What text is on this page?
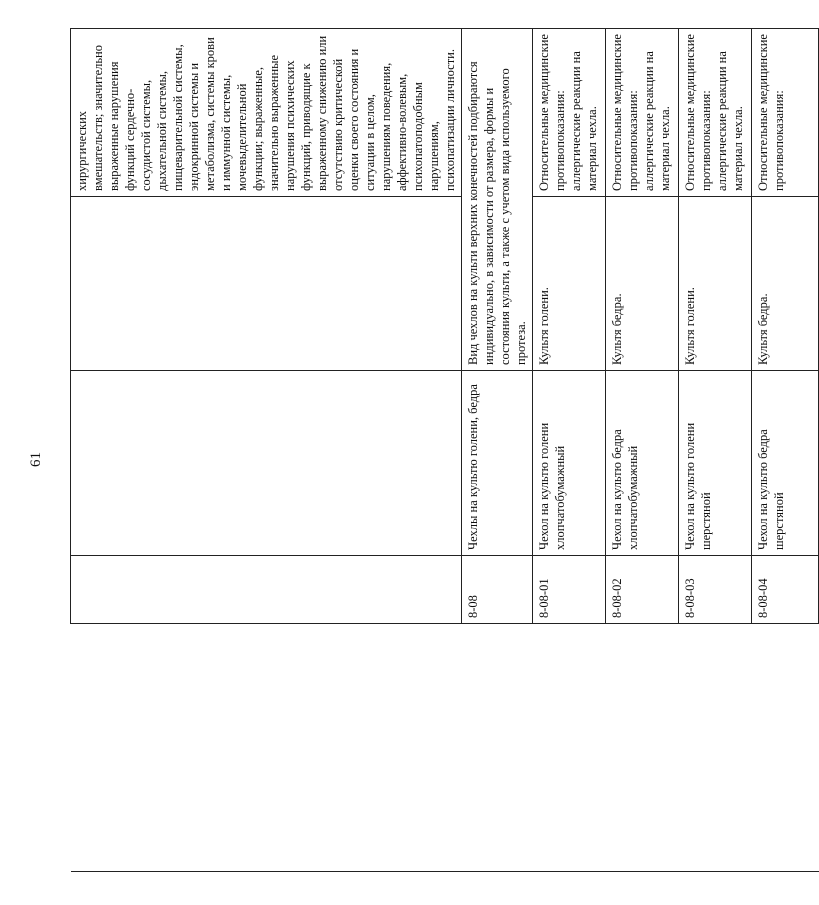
61
				хирургических вмешательств; значительно выраженные нарушения функций сердечно-сосудистой системы, дыхательной системы, пищеварительной системы, эндокринной системы и метаболизма, системы крови и иммунной системы, мочевыделительной функции; выраженные, значительно выраженные нарушения психических функций, приводящие к выраженному снижению или отсутствию критической оценки своего состояния и ситуации в целом, нарушениям поведения, аффективно-волевым, психопатоподобным нарушениям, психопатизации личности.
	8-08	Чехлы на культю голени, бедра	Вид чехлов на культи верхних конечностей подбираются индивидуально, в зависимости от размера, формы и состояния культи, а также с учетом вида используемого протеза.	
	8-08-01	Чехол на культю голени хлопчатобумажный	Культя голени.	Относительные медицинские противопоказания: аллергические реакции на материал чехла.

	8-08-02	Чехол на культю бедра хлопчатобумажный	Культя бедра.	Относительные медицинские противопоказания: аллергические реакции на материал чехла.

	8-08-03	Чехол на культю голени шерстяной	Культя голени.	Относительные медицинские противопоказания: аллергические реакции на материал чехла.

	8-08-04	Чехол на культю бедра шерстяной	Культя бедра.	Относительные медицинские противопоказания:
